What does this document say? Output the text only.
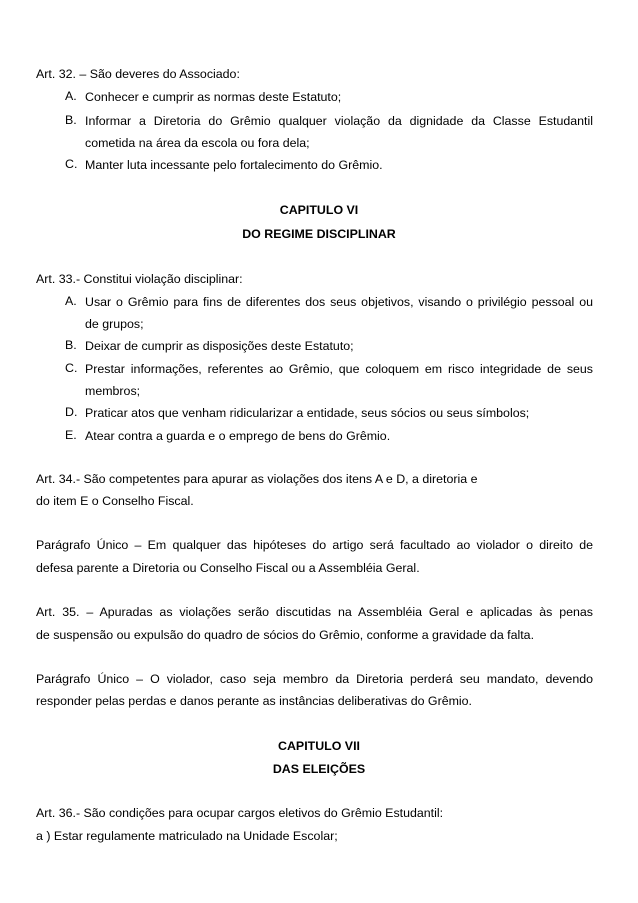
Art. 32. – São deveres do Associado:
A. Conhecer e cumprir as normas deste Estatuto;
B. Informar a Diretoria do Grêmio qualquer violação da dignidade da Classe Estudantil
cometida na área da escola ou fora dela;
C. Manter luta incessante pelo fortalecimento do Grêmio.
CAPITULO VI
DO REGIME DISCIPLINAR
Art. 33.- Constitui violação disciplinar:
A. Usar o Grêmio para fins de diferentes dos seus objetivos, visando o privilégio pessoal ou
de grupos;
B. Deixar de cumprir as disposições deste Estatuto;
C. Prestar informações, referentes ao Grêmio, que coloquem em risco integridade de seus
membros;
D. Praticar atos que venham ridicularizar a entidade, seus sócios ou seus símbolos;
E. Atear contra a guarda e o emprego de bens do Grêmio.
Art. 34.- São competentes para apurar as violações dos itens A e D, a diretoria e
do item E o Conselho Fiscal.
Parágrafo Único – Em qualquer das hipóteses do artigo será facultado ao violador o direito de
defesa parente a Diretoria ou Conselho Fiscal ou a Assembléia Geral.
Art. 35. – Apuradas as violações serão discutidas na Assembléia Geral e aplicadas às penas
de suspensão ou expulsão do quadro de sócios do Grêmio, conforme a gravidade da falta.
Parágrafo Único – O violador, caso seja membro da Diretoria perderá seu mandato, devendo
responder pelas perdas e danos perante as instâncias deliberativas do Grêmio.
CAPITULO VII
DAS ELEIÇÕES
Art. 36.- São condições para ocupar cargos eletivos do Grêmio Estudantil:
a ) Estar regulamente matriculado na Unidade Escolar;
